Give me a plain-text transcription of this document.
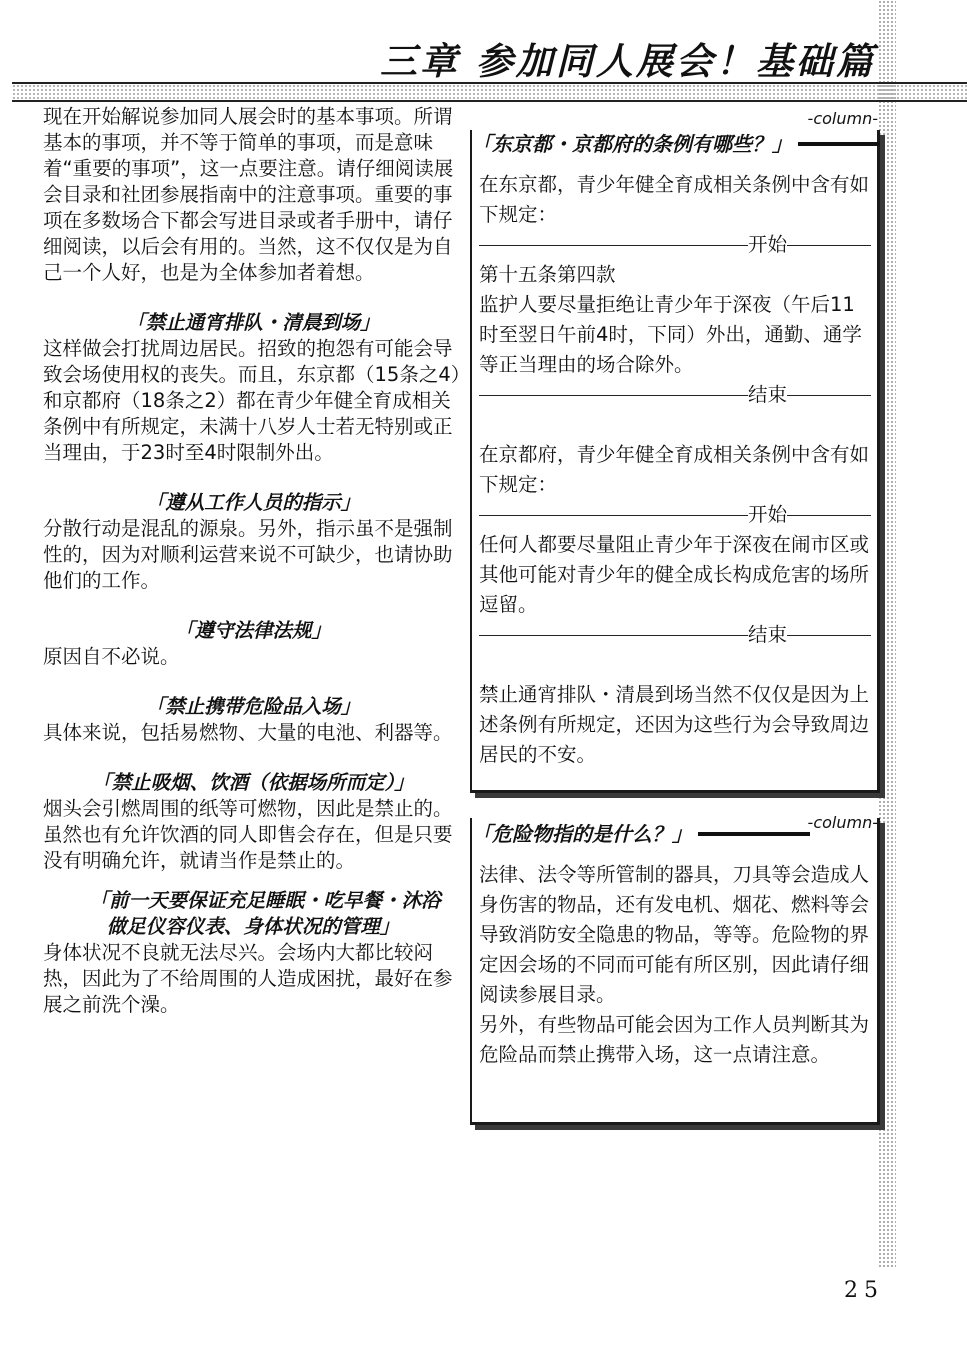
三章 参加同人展会！基础篇

现在开始解说参加同人展会时的基本事项。所谓基本的事项，并不等于简单的事项，而是意味着“重要的事项”，这一点要注意。请仔细阅读展会目录和社团参展指南中的注意事项。重要的事项在多数场合下都会写进目录或者手册中，请仔细阅读，以后会有用的。当然，这不仅仅是为自己一个人好，也是为全体参加者着想。

「禁止通宵排队・清晨到场」

这样做会打扰周边居民。招致的抱怨有可能会导致会场使用权的丧失。而且，东京都（15条之4）和京都府（18条之2）都在青少年健全育成相关条例中有所规定，未满十八岁人士若无特别或正当理由，于23时至4时限制外出。

「遵从工作人员的指示」

分散行动是混乱的源泉。另外，指示虽不是强制性的，因为对顺利运营来说不可缺少，也请协助他们的工作。

「遵守法律法规」

原因自不必说。

「禁止携带危险品入场」

具体来说，包括易燃物、大量的电池、利器等。

「禁止吸烟、饮酒（依据场所而定）」

烟头会引燃周围的纸等可燃物，因此是禁止的。虽然也有允许饮酒的同人即售会存在，但是只要没有明确允许，就请当作是禁止的。

「前一天要保证充足睡眠・吃早餐・沐浴
做足仪容仪表、身体状况的管理」

身体状况不良就无法尽兴。会场内大都比较闷热，因此为了不给周围的人造成困扰，最好在参展之前洗个澡。

-column-
「东京都・京都府的条例有哪些？」

在东京都，青少年健全育成相关条例中含有如下规定：

开始

第十五条第四款

监护人要尽量拒绝让青少年于深夜（午后11时至翌日午前4时，下同）外出，通勤、通学等正当理由的场合除外。

结束

在京都府，青少年健全育成相关条例中含有如下规定：

开始

任何人都要尽量阻止青少年于深夜在闹市区或其他可能对青少年的健全成长构成危害的场所逗留。

结束

禁止通宵排队・清晨到场当然不仅仅是因为上述条例有所规定，还因为这些行为会导致周边居民的不安。

-column-
「危险物指的是什么？」

法律、法令等所管制的器具，刀具等会造成人身伤害的物品，还有发电机、烟花、燃料等会导致消防安全隐患的物品，等等。危险物的界定因会场的不同而可能有所区别，因此请仔细阅读参展目录。

另外，有些物品可能会因为工作人员判断其为危险品而禁止携带入场，这一点请注意。

25
